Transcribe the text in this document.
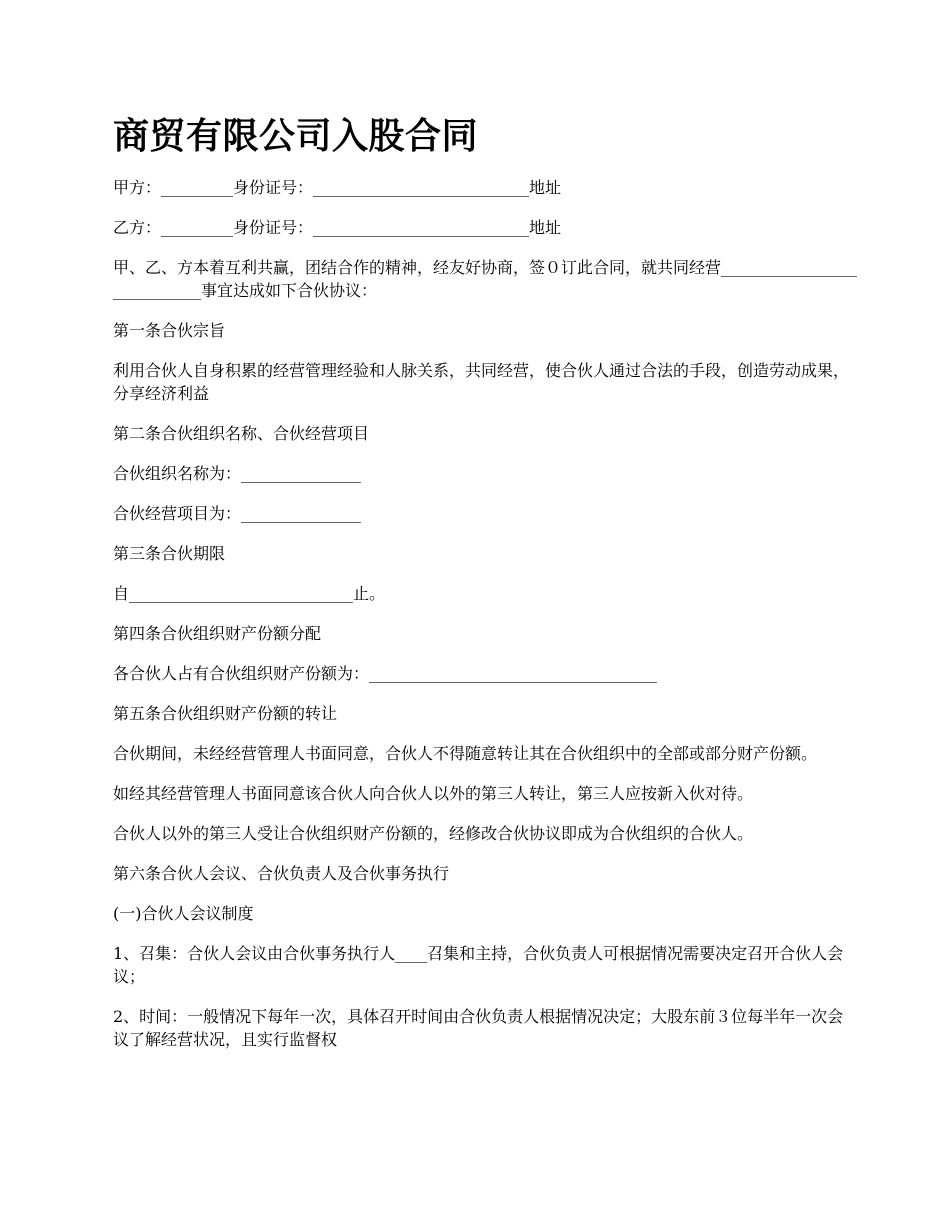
商贸有限公司入股合同

甲方：_________身份证号：___________________________地址

乙方：_________身份证号：___________________________地址

甲、乙、方本着互利共赢，团结合作的精神，经友好协商，签０订此合同，就共同经营____________________________事宜达成如下合伙协议：

第一条合伙宗旨

利用合伙人自身积累的经营管理经验和人脉关系，共同经营，使合伙人通过合法的手段，创造劳动成果，分享经济利益

第二条合伙组织名称、合伙经营项目

合伙组织名称为：_______________

合伙经营项目为：_______________

第三条合伙期限

自____________________________止。

第四条合伙组织财产份额分配

各合伙人占有合伙组织财产份额为：____________________________________

第五条合伙组织财产份额的转让

合伙期间，未经经营管理人书面同意，合伙人不得随意转让其在合伙组织中的全部或部分财产份额。

如经其经营管理人书面同意该合伙人向合伙人以外的第三人转让，第三人应按新入伙对待。

合伙人以外的第三人受让合伙组织财产份额的，经修改合伙协议即成为合伙组织的合伙人。

第六条合伙人会议、合伙负责人及合伙事务执行

(一)合伙人会议制度

1、召集：合伙人会议由合伙事务执行人____召集和主持，合伙负责人可根据情况需要决定召开合伙人会议；

2、时间：一般情况下每年一次，具体召开时间由合伙负责人根据情况决定；大股东前３位每半年一次会议了解经营状况，且实行监督权
